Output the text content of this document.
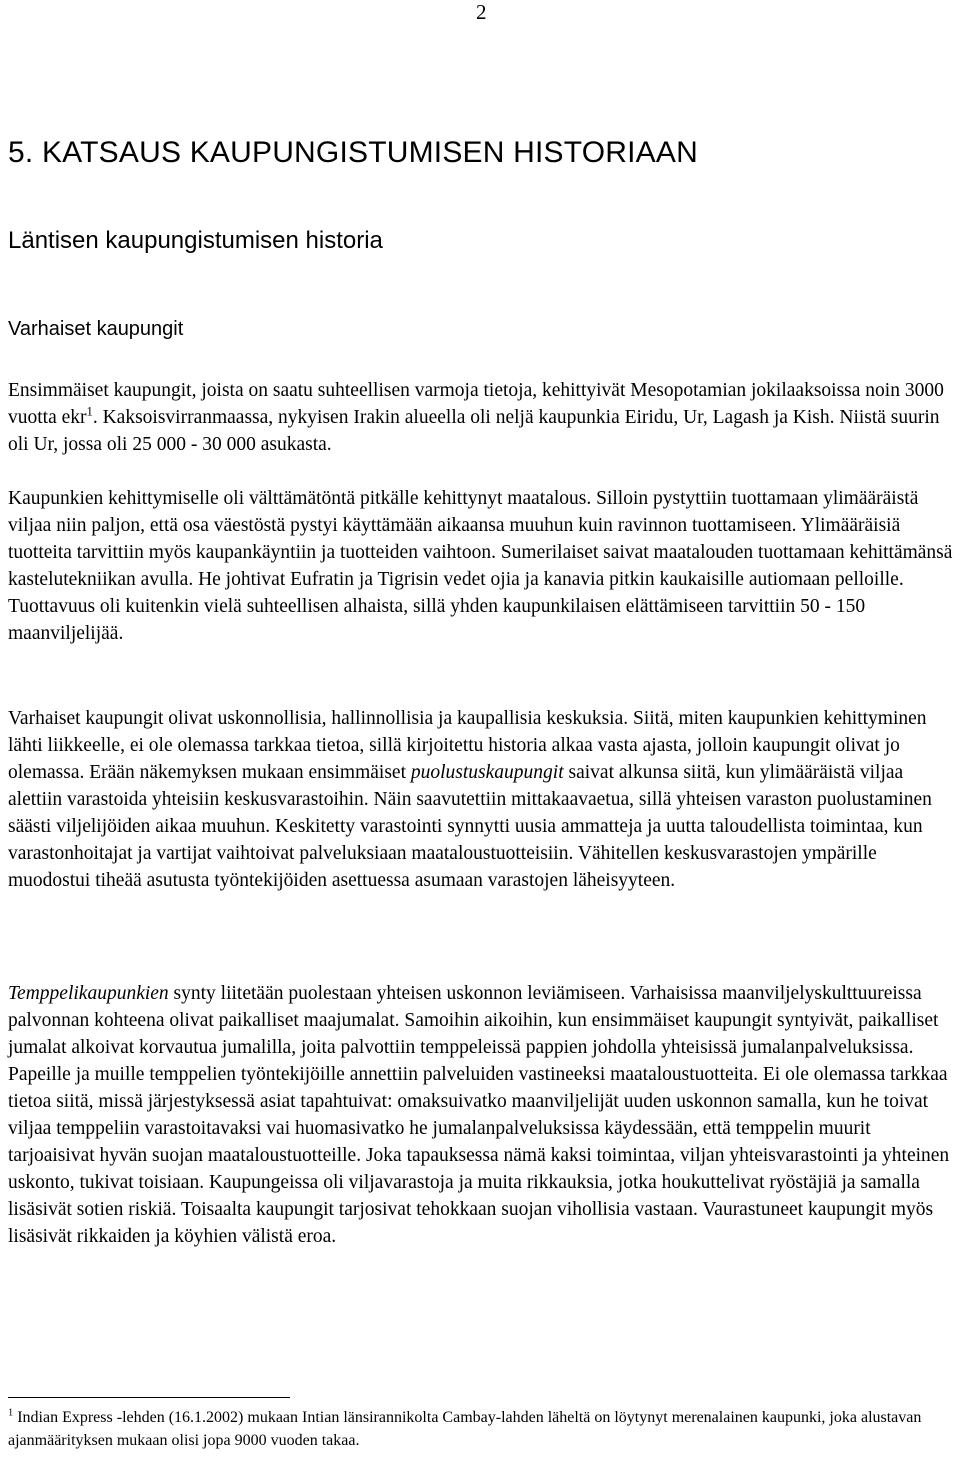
2
5. KATSAUS KAUPUNGISTUMISEN HISTORIAAN
Läntisen kaupungistumisen historia
Varhaiset kaupungit

Ensimmäiset kaupungit, joista on saatu suhteellisen varmoja tietoja, kehittyivät Mesopotamian jokilaaksoissa noin 3000 vuotta ekr$^1$. Kaksoisvirranmaassa, nykyisen Irakin alueella oli neljä kaupunkia Eiridu, Ur, Lagash ja Kish. Niistä suurin oli Ur, jossa oli 25 000 - 30 000 asukasta.

Kaupunkien kehittymiselle oli välttämätöntä pitkälle kehittynyt maatalous. Silloin pystyttiin tuottamaan ylimääräistä viljaa niin paljon, että osa väestöstä pystyi käyttämään aikaansa muuhun kuin ravinnon tuottamiseen. Ylimääräisiä tuotteita tarvittiin myös kaupankäyntiin ja tuotteiden vaihtoon. Sumerilaiset saivat maatalouden tuottamaan kehittämänsä kastelutekniikan avulla. He johtivat Eufratin ja Tigrisin vedet ojia ja kanavia pitkin kaukaisille autiomaan pelloille. Tuottavuus oli kuitenkin vielä suhteellisen alhaista, sillä yhden kaupunkilaisen elättämiseen tarvittiin 50 - 150 maanviljelijää.

Varhaiset kaupungit olivat uskonnollisia, hallinnollisia ja kaupallisia keskuksia. Siitä, miten kaupunkien kehittyminen lähti liikkeelle, ei ole olemassa tarkkaa tietoa, sillä kirjoitettu historia alkaa vasta ajasta, jolloin kaupungit olivat jo olemassa. Erään näkemyksen mukaan ensimmäiset puolustuskaupungit saivat alkunsa siitä, kun ylimääräistä viljaa alettiin varastoida yhteisiin keskusvarastoihin. Näin saavutettiin mittakaavaetua, sillä yhteisen varaston puolustaminen säästi viljelijöiden aikaa muuhun. Keskitetty varastointi synnytti uusia ammatteja ja uutta taloudellista toimintaa, kun varastonhoitajat ja vartijat vaihtoivat palveluksiaan maataloustuotteisiin. Vähitellen keskusvarastojen ympärille muodostui tiheää asutusta työntekijöiden asettuessa asumaan varastojen läheisyyteen.

Temppelikaupunkien synty liitetään puolestaan yhteisen uskonnon leviämiseen. Varhaisissa maanviljelyskulttuureissa palvonnan kohteena olivat paikalliset maajumalat. Samoihin aikoihin, kun ensimmäiset kaupungit syntyivät, paikalliset jumalat alkoivat korvautua jumalilla, joita palvottiin temppeleissä pappien johdolla yhteisissä jumalanpalveluksissa. Papeille ja muille temppelien työntekijöille annettiin palveluiden vastineeksi maataloustuotteita. Ei ole olemassa tarkkaa tietoa siitä, missä järjestyksessä asiat tapahtuivat: omaksuivatko maanviljelijät uuden uskonnon samalla, kun he toivat viljaa temppeliin varastoitavaksi vai huomasivatko he jumalanpalveluksissa käydessään, että temppelin muurit tarjoaisivat hyvän suojan maataloustuotteille. Joka tapauksessa nämä kaksi toimintaa, viljan yhteisvarastointi ja yhteinen uskonto, tukivat toisiaan. Kaupungeissa oli viljavarastoja ja muita rikkauksia, jotka houkuttelivat ryöstäjiä ja samalla lisäsivät sotien riskiä. Toisaalta kaupungit tarjosivat tehokkaan suojan vihollisia vastaan. Vaurastuneet kaupungit myös lisäsivät rikkaiden ja köyhien välistä eroa.

$^1$ Indian Express -lehden (16.1.2002) mukaan Intian länsirannikolta Cambay-lahden läheltä on löytynyt merenalainen kaupunki, joka alustavan ajanmäärityksen mukaan olisi jopa 9000 vuoden takaa.
